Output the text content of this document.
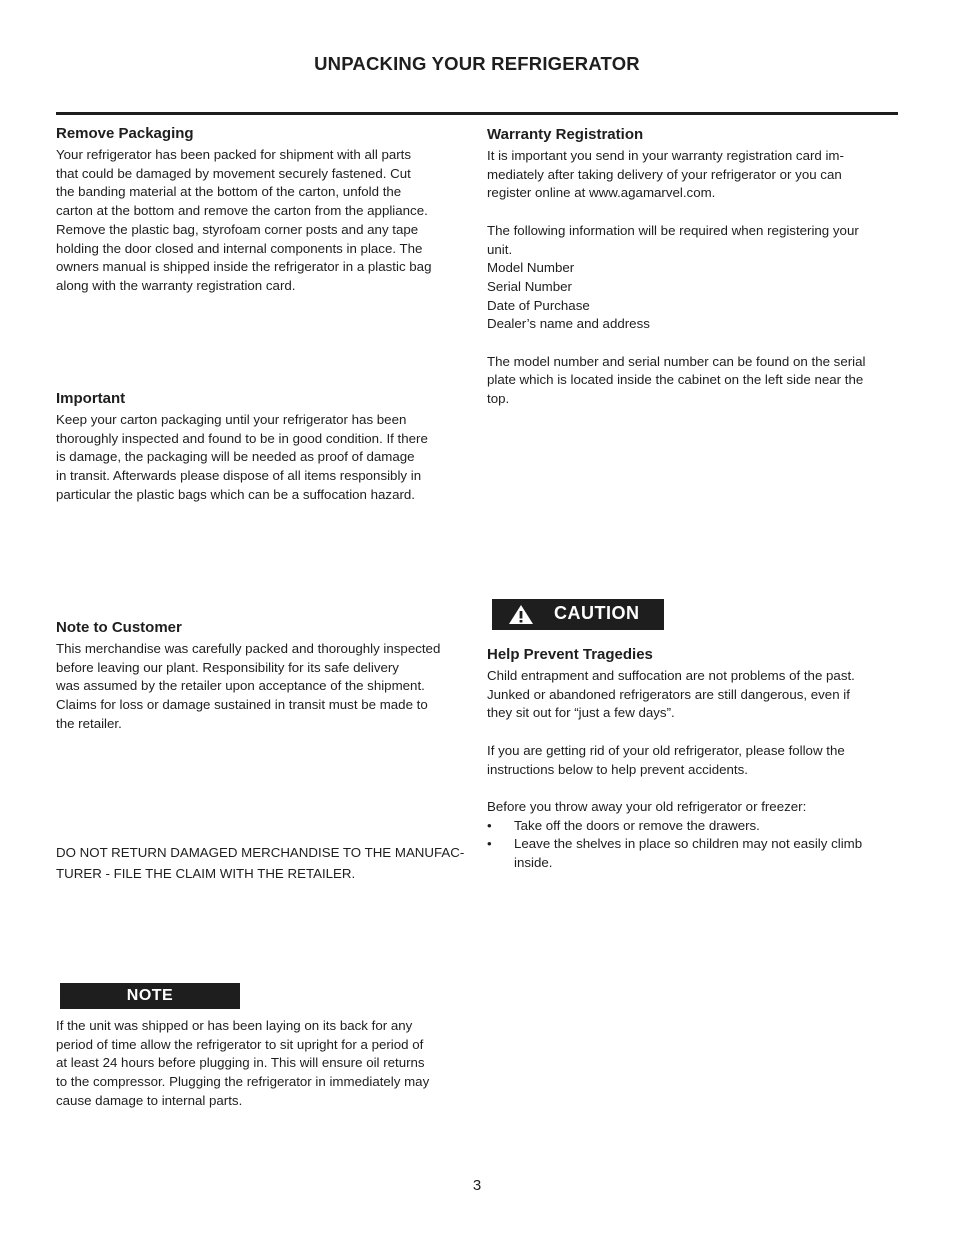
UNPACKING YOUR REFRIGERATOR
Remove Packaging
Your refrigerator has been packed for shipment with all parts
that could be damaged by movement securely fastened. Cut
the banding material at the bottom of the carton, unfold the
carton at the bottom and remove the carton from the appliance.
Remove the plastic bag, styrofoam corner posts and any tape
holding the door closed and internal components in place. The
owners manual is shipped inside the refrigerator in a plastic bag
along with the warranty registration card.
Important
Keep your carton packaging until your refrigerator has been
thoroughly inspected and found to be in good condition. If there
is damage, the packaging will be needed as proof of damage
in transit. Afterwards please dispose of all items responsibly in
particular the plastic bags which can be a suffocation hazard.
Note to Customer
This merchandise was carefully packed and thoroughly inspected
before leaving our plant. Responsibility for its safe delivery
was assumed by the retailer upon acceptance of the shipment.
Claims for loss or damage sustained in transit must be made to
the retailer.
DO NOT RETURN DAMAGED MERCHANDISE TO THE MANUFAC-
TURER - FILE THE CLAIM WITH THE RETAILER.
NOTE
If the unit was shipped or has been laying on its back for any
period of time allow the refrigerator to sit upright for a period of
at least 24 hours before plugging in. This will ensure oil returns
to the compressor. Plugging the refrigerator in immediately may
cause damage to internal parts.
Warranty Registration
It is important you send in your warranty registration card im-
mediately after taking delivery of your refrigerator or you can
register online at www.agamarvel.com.
The following information will be required when registering your
unit.
Model Number
Serial Number
Date of Purchase
Dealer’s name and address
The model number and serial number can be found on the serial
plate which is located inside the cabinet on the left side near the
top.
CAUTION
Help Prevent Tragedies
Child entrapment and suffocation are not problems of the past.
Junked or abandoned refrigerators are still dangerous, even if
they sit out for “just a few days”.
If you are getting rid of your old refrigerator, please follow the
instructions below to help prevent accidents.
Before you throw away your old refrigerator or freezer:
• Take off the doors or remove the drawers.
• Leave the shelves in place so children may not easily climb inside.
3
